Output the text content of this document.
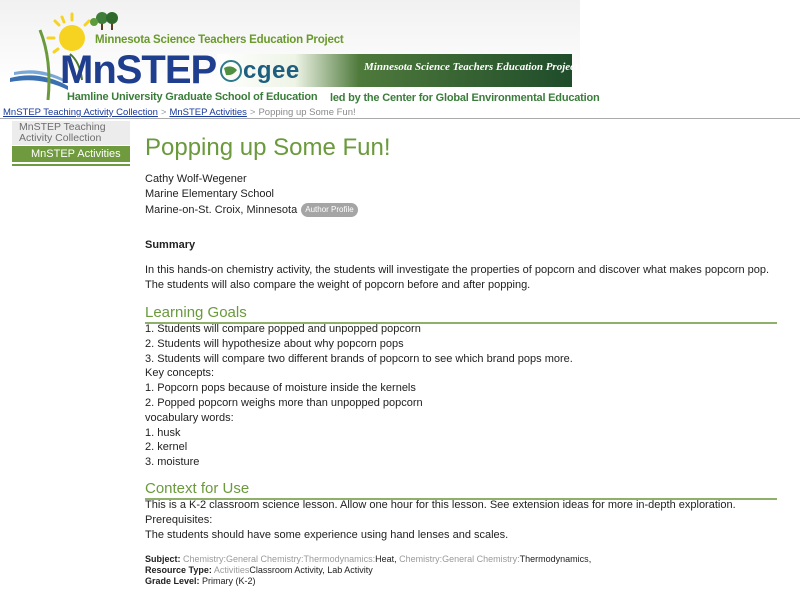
Minnesota Science Teachers Education Project
MnSTEP
Hamline University Graduate School of Education
cgee	Minnesota Science Teachers Education Project
led by the Center for Global Environmental Education
MnSTEP Teaching Activity Collection > MnSTEP Activities > Popping up Some Fun!
MnSTEP Teaching Activity Collection
MnSTEP Activities Popping up Some Fun!
Cathy Wolf-Wegener
Marine Elementary School
Marine-on-St. Croix, Minnesota Author Profile
Summary
In this hands-on chemistry activity, the students will investigate the properties of popcorn and discover what makes popcorn pop. The students will also compare the weight of popcorn before and after popping.
Learning Goals
1. Students will compare popped and unpopped popcorn
2. Students will hypothesize about why popcorn pops
3. Students will compare two different brands of popcorn to see which brand pops more.
Key concepts:
1. Popcorn pops because of moisture inside the kernels
2. Popped popcorn weighs more than unpopped popcorn
vocabulary words:
1. husk
2. kernel
3. moisture
Context for Use
This is a K-2 classroom science lesson. Allow one hour for this lesson. See extension ideas for more in-depth exploration.
Prerequisites:
The students should have some experience using hand lenses and scales.
Subject: Chemistry:General Chemistry:Thermodynamics:Heat, Chemistry:General Chemistry:Thermodynamics,
Resource Type: ActivitiesClassroom Activity, Lab Activity
Grade Level: Primary (K-2)
